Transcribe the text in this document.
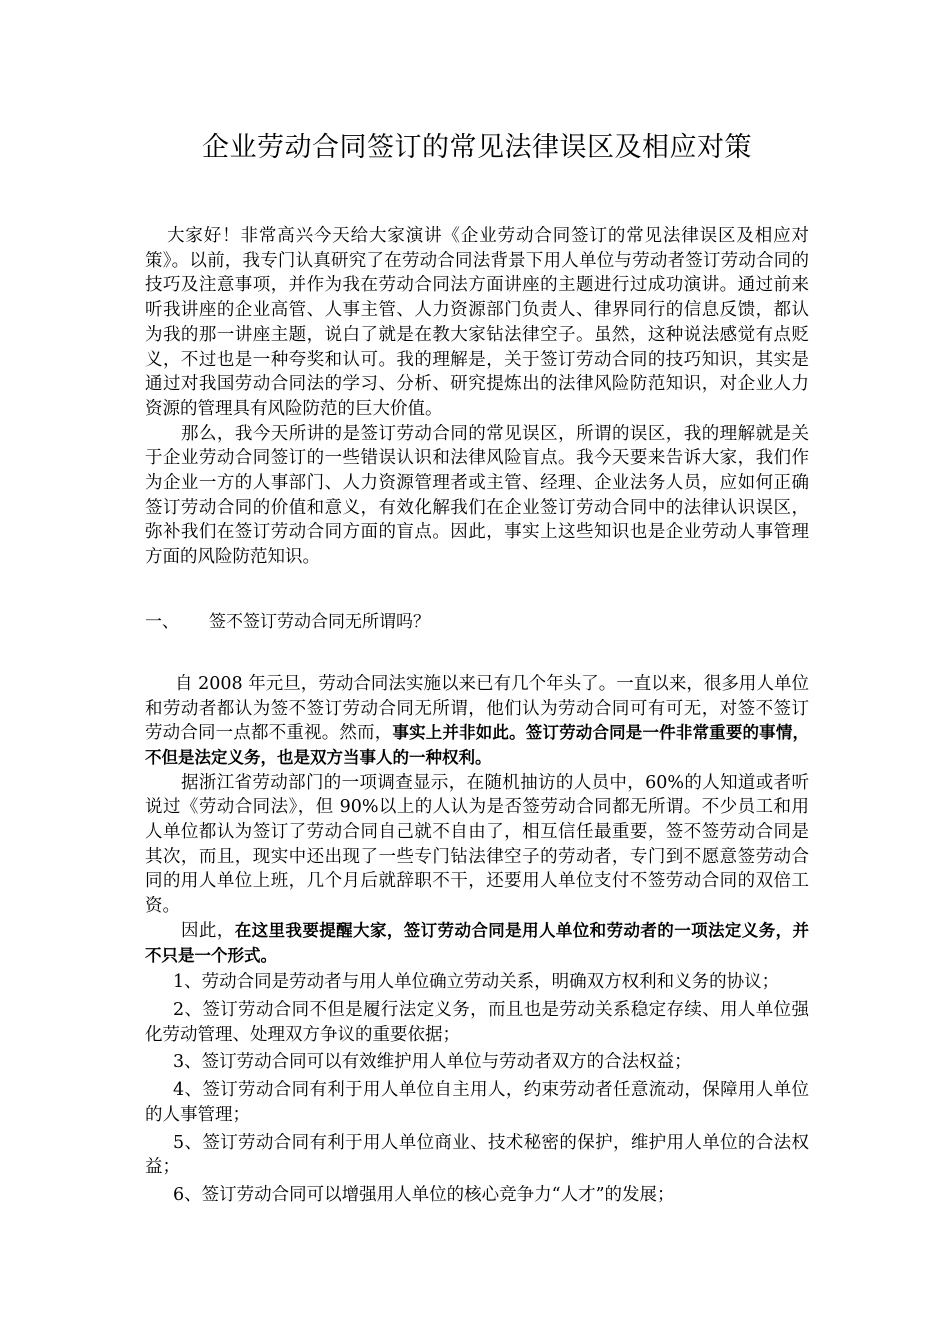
企业劳动合同签订的常见法律误区及相应对策

大家好！非常高兴今天给大家演讲《企业劳动合同签订的常见法律误区及相应对策》。以前，我专门认真研究了在劳动合同法背景下用人单位与劳动者签订劳动合同的技巧及注意事项，并作为我在劳动合同法方面讲座的主题进行过成功演讲。通过前来听我讲座的企业高管、人事主管、人力资源部门负责人、律界同行的信息反馈，都认为我的那一讲座主题，说白了就是在教大家钻法律空子。虽然，这种说法感觉有点贬义，不过也是一种夸奖和认可。我的理解是，关于签订劳动合同的技巧知识，其实是通过对我国劳动合同法的学习、分析、研究提炼出的法律风险防范知识，对企业人力资源的管理具有风险防范的巨大价值。

那么，我今天所讲的是签订劳动合同的常见误区，所谓的误区，我的理解就是关于企业劳动合同签订的一些错误认识和法律风险盲点。我今天要来告诉大家，我们作为企业一方的人事部门、人力资源管理者或主管、经理、企业法务人员，应如何正确签订劳动合同的价值和意义，有效化解我们在企业签订劳动合同中的法律认识误区，弥补我们在签订劳动合同方面的盲点。因此，事实上这些知识也是企业劳动人事管理方面的风险防范知识。

一、	签不签订劳动合同无所谓吗？

自 2008 年元旦，劳动合同法实施以来已有几个年头了。一直以来，很多用人单位和劳动者都认为签不签订劳动合同无所谓，他们认为劳动合同可有可无，对签不签订劳动合同一点都不重视。然而，事实上并非如此。签订劳动合同是一件非常重要的事情，不但是法定义务，也是双方当事人的一种权利。

据浙江省劳动部门的一项调查显示，在随机抽访的人员中，60%的人知道或者听说过《劳动合同法》，但 90%以上的人认为是否签劳动合同都无所谓。不少员工和用人单位都认为签订了劳动合同自己就不自由了，相互信任最重要，签不签劳动合同是其次，而且，现实中还出现了一些专门钻法律空子的劳动者，专门到不愿意签劳动合同的用人单位上班，几个月后就辞职不干，还要用人单位支付不签劳动合同的双倍工资。

因此，在这里我要提醒大家，签订劳动合同是用人单位和劳动者的一项法定义务，并不只是一个形式。

1、劳动合同是劳动者与用人单位确立劳动关系，明确双方权利和义务的协议；

2、签订劳动合同不但是履行法定义务，而且也是劳动关系稳定存续、用人单位强化劳动管理、处理双方争议的重要依据；

3、签订劳动合同可以有效维护用人单位与劳动者双方的合法权益；

4、签订劳动合同有利于用人单位自主用人，约束劳动者任意流动，保障用人单位的人事管理；

5、签订劳动合同有利于用人单位商业、技术秘密的保护，维护用人单位的合法权益；

6、签订劳动合同可以增强用人单位的核心竞争力“人才”的发展；
